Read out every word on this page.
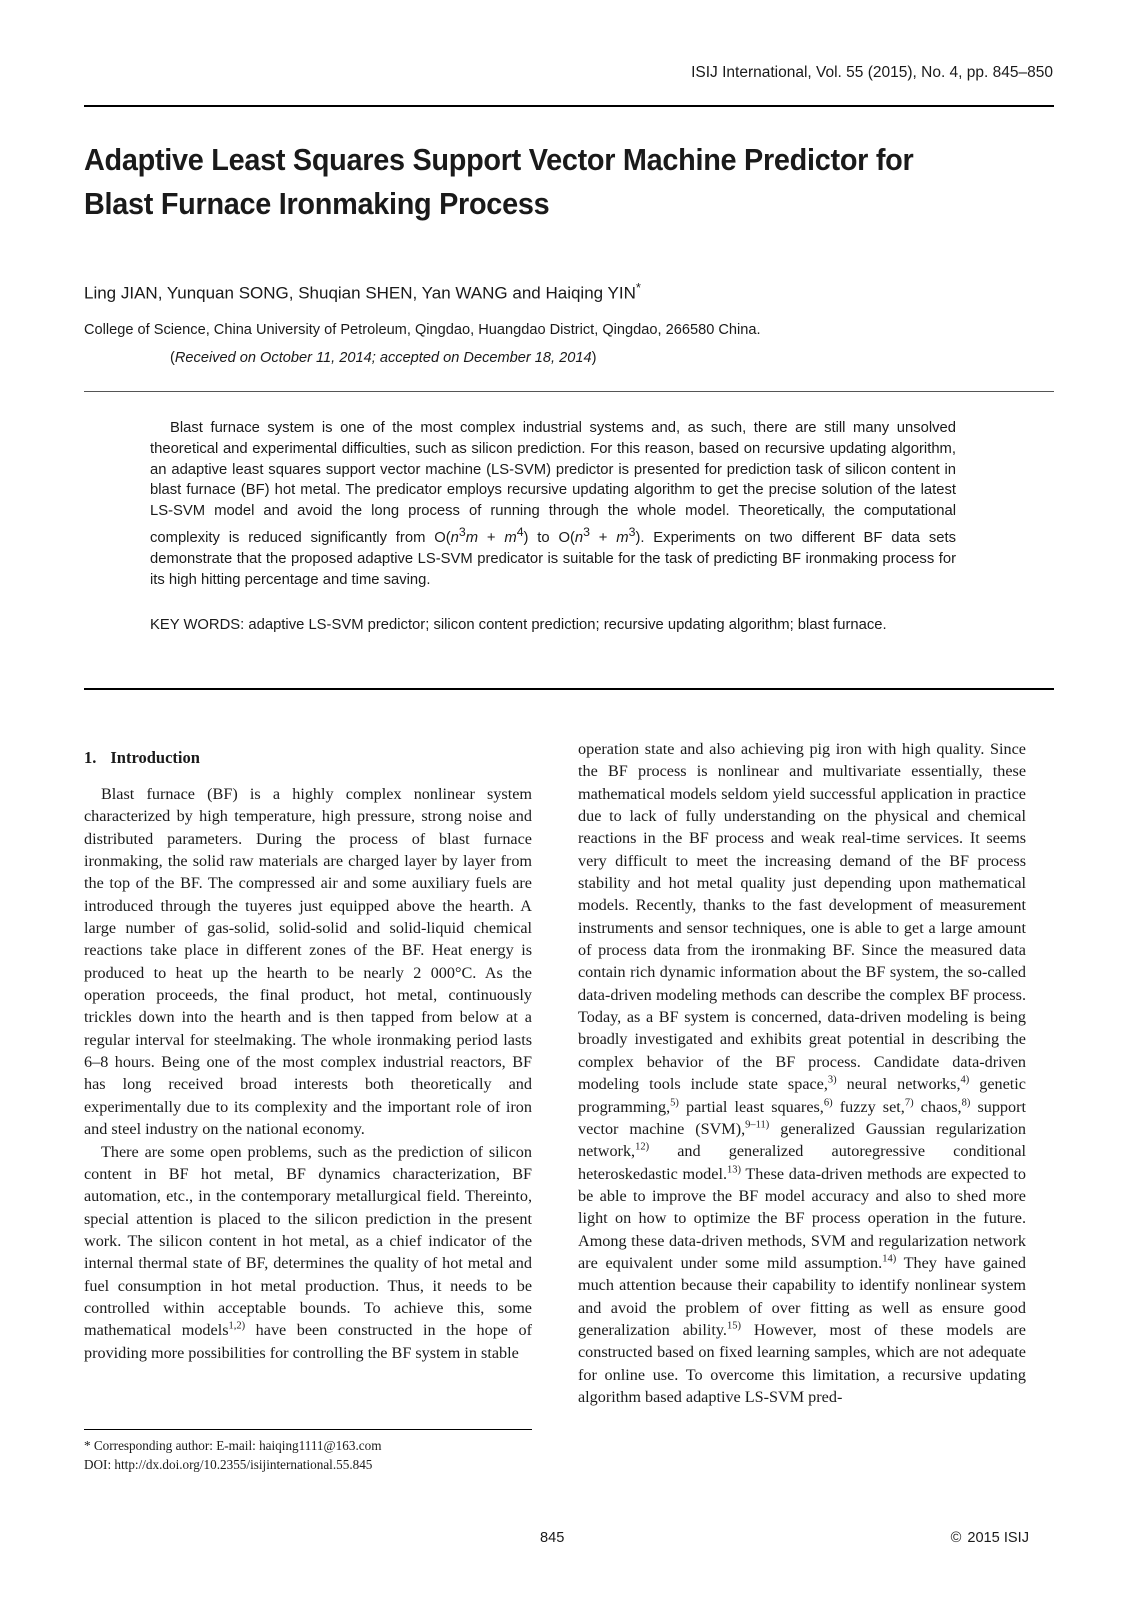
ISIJ International, Vol. 55 (2015), No. 4, pp. 845–850
Adaptive Least Squares Support Vector Machine Predictor for
Blast Furnace Ironmaking Process
Ling JIAN, Yunquan SONG, Shuqian SHEN, Yan WANG and Haiqing YIN*
College of Science, China University of Petroleum, Qingdao, Huangdao District, Qingdao, 266580 China.
(Received on October 11, 2014; accepted on December 18, 2014)

Blast furnace system is one of the most complex industrial systems and, as such, there are still many unsolved theoretical and experimental difficulties, such as silicon prediction. For this reason, based on recursive updating algorithm, an adaptive least squares support vector machine (LS-SVM) predictor is presented for prediction task of silicon content in blast furnace (BF) hot metal. The predicator employs recursive updating algorithm to get the precise solution of the latest LS-SVM model and avoid the long process of running through the whole model. Theoretically, the computational complexity is reduced significantly from $O(n^3m + m^4)$ to $O(n^3 + m^3)$. Experiments on two different BF data sets demonstrate that the proposed adaptive LS-SVM predicator is suitable for the task of predicting BF ironmaking process for its high hitting percentage and time saving.

KEY WORDS: adaptive LS-SVM predictor; silicon content prediction; recursive updating algorithm; blast furnace.
1. Introduction

Blast furnace (BF) is a highly complex nonlinear system characterized by high temperature, high pressure, strong noise and distributed parameters. During the process of blast furnace ironmaking, the solid raw materials are charged layer by layer from the top of the BF. The compressed air and some auxiliary fuels are introduced through the tuyeres just equipped above the hearth. A large number of gas-solid, solid-solid and solid-liquid chemical reactions take place in different zones of the BF. Heat energy is produced to heat up the hearth to be nearly 2 000°C. As the operation proceeds, the final product, hot metal, continuously trickles down into the hearth and is then tapped from below at a regular interval for steelmaking. The whole ironmaking period lasts 6–8 hours. Being one of the most complex industrial reactors, BF has long received broad interests both theoretically and experimentally due to its complexity and the important role of iron and steel industry on the national economy.

There are some open problems, such as the prediction of silicon content in BF hot metal, BF dynamics characterization, BF automation, etc., in the contemporary metallurgical field. Thereinto, special attention is placed to the silicon prediction in the present work. The silicon content in hot metal, as a chief indicator of the internal thermal state of BF, determines the quality of hot metal and fuel consumption in hot metal production. Thus, it needs to be controlled within acceptable bounds. To achieve this, some mathematical models$^{1,2)}$ have been constructed in the hope of providing more possibilities for controlling the BF system in stable

operation state and also achieving pig iron with high quality. Since the BF process is nonlinear and multivariate essentially, these mathematical models seldom yield successful application in practice due to lack of fully understanding on the physical and chemical reactions in the BF process and weak real-time services. It seems very difficult to meet the increasing demand of the BF process stability and hot metal quality just depending upon mathematical models. Recently, thanks to the fast development of measurement instruments and sensor techniques, one is able to get a large amount of process data from the ironmaking BF. Since the measured data contain rich dynamic information about the BF system, the so-called data-driven modeling methods can describe the complex BF process. Today, as a BF system is concerned, data-driven modeling is being broadly investigated and exhibits great potential in describing the complex behavior of the BF process. Candidate data-driven modeling tools include state space,$^{3)}$ neural networks,$^{4)}$ genetic programming,$^{5)}$ partial least squares,$^{6)}$ fuzzy set,$^{7)}$ chaos,$^{8)}$ support vector machine (SVM),$^{9-11)}$ generalized Gaussian regularization network,$^{12)}$ and generalized autoregressive conditional heteroskedastic model.$^{13)}$ These data-driven methods are expected to be able to improve the BF model accuracy and also to shed more light on how to optimize the BF process operation in the future. Among these data-driven methods, SVM and regularization network are equivalent under some mild assumption.$^{14)}$ They have gained much attention because their capability to identify nonlinear system and avoid the problem of over fitting as well as ensure good generalization ability.$^{15)}$ However, most of these models are constructed based on fixed learning samples, which are not adequate for online use. To overcome this limitation, a recursive updating algorithm based adaptive LS-SVM pred-

* Corresponding author: E-mail: haiqing1111@163.com
DOI: http://dx.doi.org/10.2355/isijinternational.55.845
845	© 2015 ISIJ
